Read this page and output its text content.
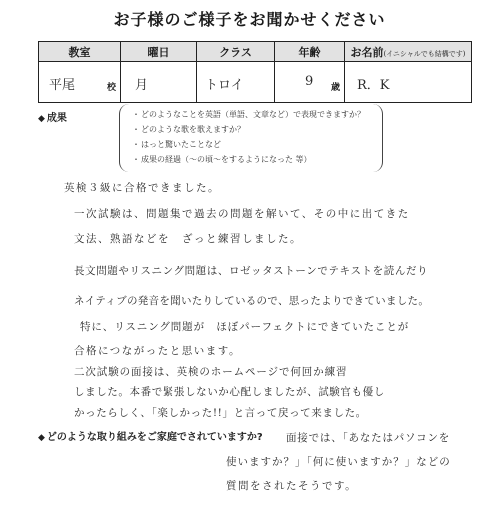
お子様のご様子をお聞かせください
教室	曜日	クラス	年齢	お名前(イニシャルでも結構です)

平尾 校	月	トロイ	9 歳	R．K
◆ 成果	・ どのようなことを英語（単語、文章など）で表現できますか？
・ どのような歌を歌えますか？
・ はっと驚いたことなど
・ 成果の経過（～の頃～をするようになった 等）
英検３級に合格できました。
一次試験は、問題集で過去の問題を解いて、その中に出てきた
文法、熟語などを　ざっと練習しました。
長文問題やリスニング問題は、ロゼッタストーンでテキストを読んだり
ネイティブの発音を聞いたりしているので、思ったよりできていました。
特に、リスニング問題が　ほぼパーフェクトにできていたことが
合格につながったと思います。
二次試験の面接は、英検のホームページで何回か練習
しました。本番で緊張しないか心配しましたが、試験官も優し
かったらしく、「楽しかった!!」と言って戻って来ました。
◆ どのような取り組みをご家庭でされていますか? 面接では、「あなたはパソコンを
使いますか？」「何に使いますか？」などの
質問をされたそうです。
